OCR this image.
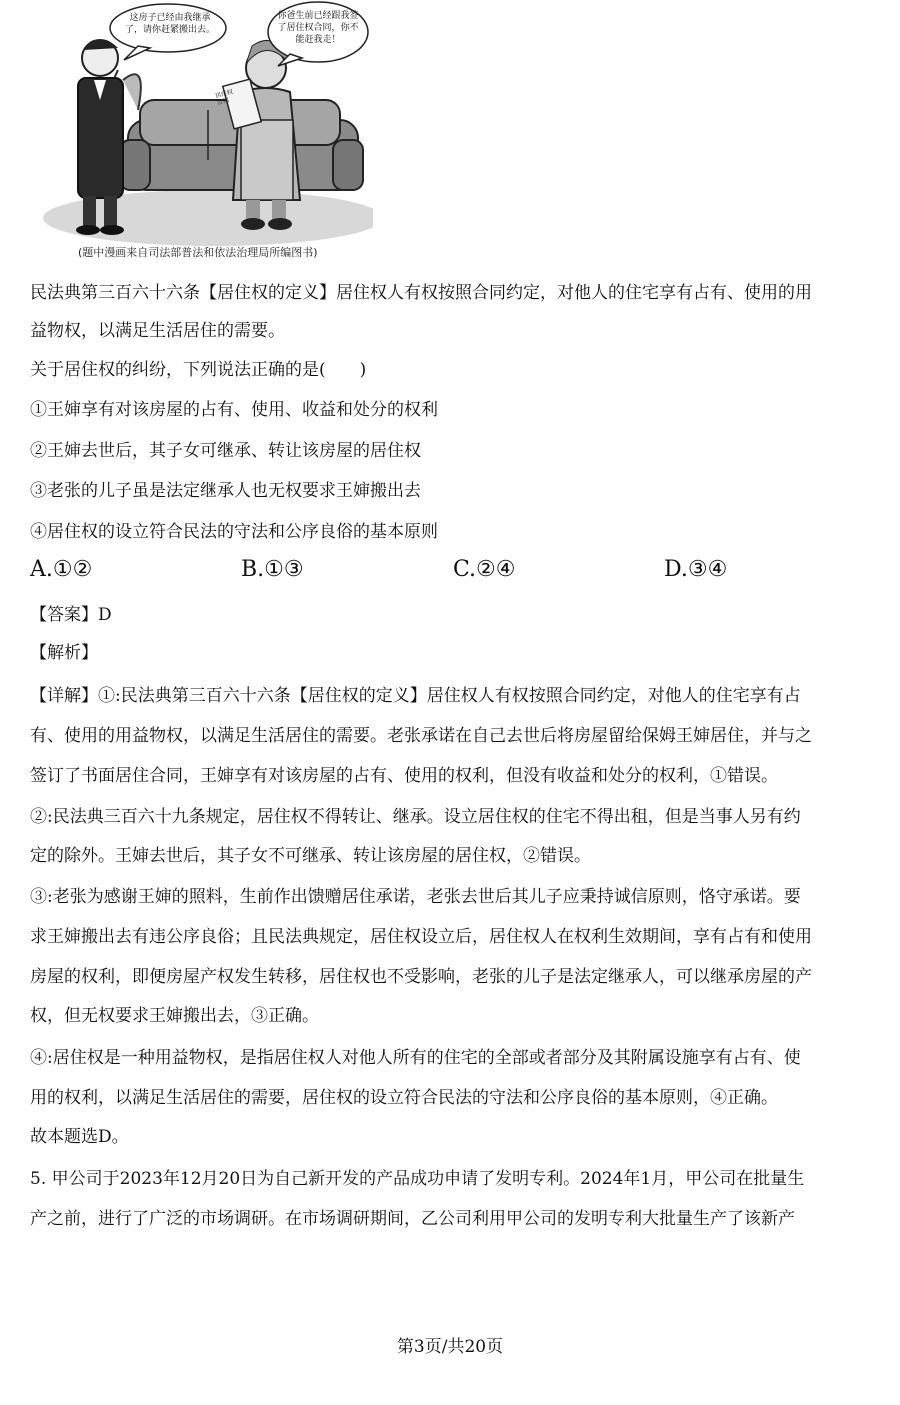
这房子已经由我继承了，请你赶紧搬出去。
你爸生前已经跟我签了居住权合同，你不能赶我走！
居住权合同
(题中漫画来自司法部普法和依法治理局所编图书)
民法典第三百六十六条【居住权的定义】居住权人有权按照合同约定，对他人的住宅享有占有、使用的用
益物权，以满足生活居住的需要。
关于居住权的纠纷，下列说法正确的是(　　)
①王婶享有对该房屋的占有、使用、收益和处分的权利
②王婶去世后，其子女可继承、转让该房屋的居住权
③老张的儿子虽是法定继承人也无权要求王婶搬出去
④居住权的设立符合民法的守法和公序良俗的基本原则
A.①②	B.①③	C.②④	D.③④
【答案】D
【解析】
【详解】①:民法典第三百六十六条【居住权的定义】居住权人有权按照合同约定，对他人的住宅享有占
有、使用的用益物权，以满足生活居住的需要。老张承诺在自己去世后将房屋留给保姆王婶居住，并与之
签订了书面居住合同，王婶享有对该房屋的占有、使用的权利，但没有收益和处分的权利，①错误。
②:民法典三百六十九条规定，居住权不得转让、继承。设立居住权的住宅不得出租，但是当事人另有约
定的除外。王婶去世后，其子女不可继承、转让该房屋的居住权，②错误。
③:老张为感谢王婶的照料，生前作出馈赠居住承诺，老张去世后其儿子应秉持诚信原则，恪守承诺。要
求王婶搬出去有违公序良俗；且民法典规定，居住权设立后，居住权人在权利生效期间，享有占有和使用
房屋的权利，即便房屋产权发生转移，居住权也不受影响，老张的儿子是法定继承人，可以继承房屋的产
权，但无权要求王婶搬出去，③正确。
④:居住权是一种用益物权，是指居住权人对他人所有的住宅的全部或者部分及其附属设施享有占有、使
用的权利，以满足生活居住的需要，居住权的设立符合民法的守法和公序良俗的基本原则，④正确。
故本题选D。
5. 甲公司于2023年12月20日为自己新开发的产品成功申请了发明专利。2024年1月，甲公司在批量生
产之前，进行了广泛的市场调研。在市场调研期间，乙公司利用甲公司的发明专利大批量生产了该新产
第3页/共20页
